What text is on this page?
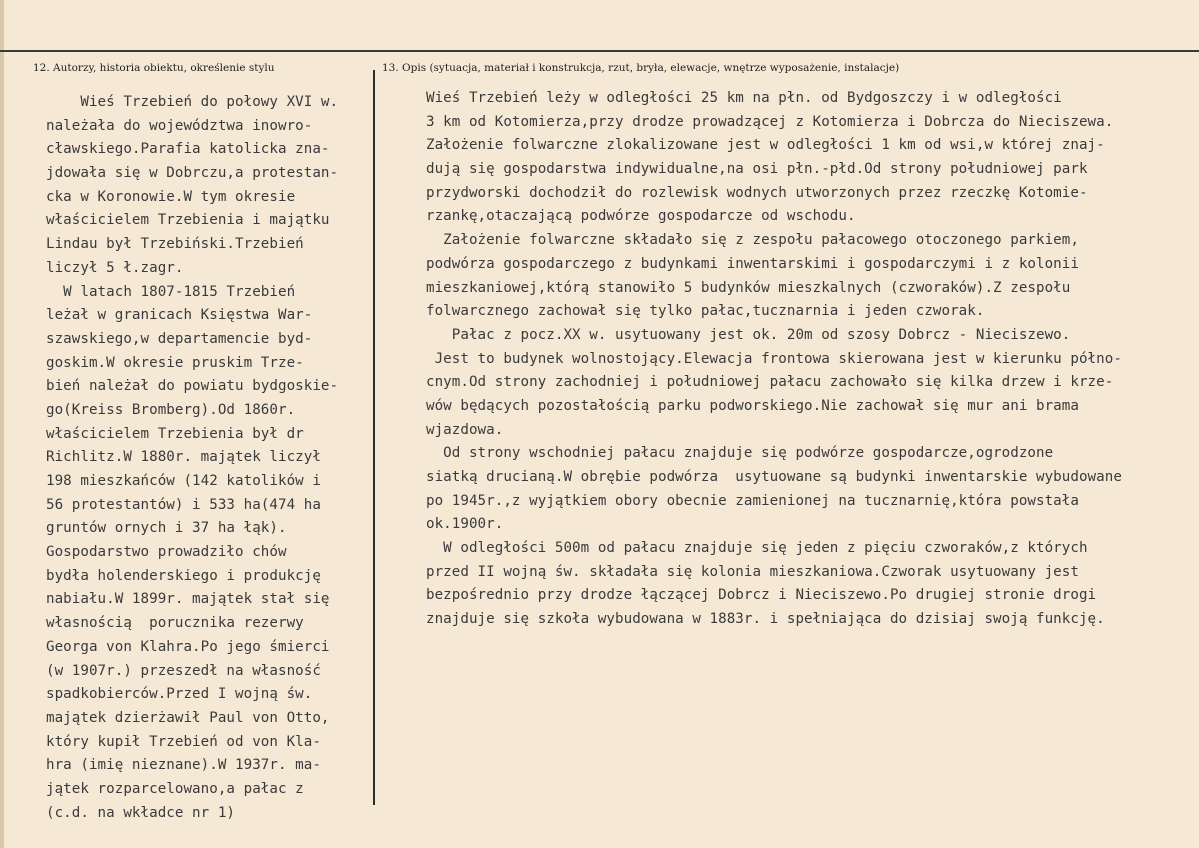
12. Autorzy, historia obiektu, określenie stylu	13. Opis (sytuacja, materiał i konstrukcja, rzut, bryła, elewacje, wnętrze wyposażenie, instalacje)
Wieś Trzebień do połowy XVI w.
należała do województwa inowro-
cławskiego.Parafia katolicka zna-
jdowała się w Dobrczu,a protestan-
cka w Koronowie.W tym okresie
właścicielem Trzebienia i majątku
Lindau był Trzebiński.Trzebień
liczył 5 ł.zagr.
W latach 1807-1815 Trzebień
leżał w granicach Księstwa War-
szawskiego,w departamencie byd-
goskim.W okresie pruskim Trze-
bień należał do powiatu bydgoskie-
go(Kreiss Bromberg).Od 1860r.
właścicielem Trzebienia był dr
Richlitz.W 1880r. majątek liczył
198 mieszkańców (142 katolików i
56 protestantów) i 533 ha(474 ha
gruntów ornych i 37 ha łąk).
Gospodarstwo prowadziło chów
bydła holenderskiego i produkcję
nabiału.W 1899r. majątek stał się
własnością  porucznika rezerwy
Georga von Klahra.Po jego śmierci
(w 1907r.) przeszedł na własność
spadkobierców.Przed I wojną św.
majątek dzierżawił Paul von Otto,
który kupił Trzebień od von Kla-
hra (imię nieznane).W 1937r. ma-
jątek rozparcelowano,a pałac z
(c.d. na wkładce nr 1)
Wieś Trzebień leży w odległości 25 km na płn. od Bydgoszczy i w odległości
3 km od Kotomierza,przy drodze prowadzącej z Kotomierza i Dobrcza do Nieciszewa.
Założenie folwarczne zlokalizowane jest w odległości 1 km od wsi,w której znaj-
dują się gospodarstwa indywidualne,na osi płn.-płd.Od strony południowej park
przydworski dochodził do rozlewisk wodnych utworzonych przez rzeczkę Kotomie-
rzankę,otaczającą podwórze gospodarcze od wschodu.
Założenie folwarczne składało się z zespołu pałacowego otoczonego parkiem,
podwórza gospodarczego z budynkami inwentarskimi i gospodarczymi i z kolonii
mieszkaniowej,którą stanowiło 5 budynków mieszkalnych (czworaków).Z zespołu
folwarcznego zachował się tylko pałac,tucznarnia i jeden czworak.
Pałac z pocz.XX w. usytuowany jest ok. 20m od szosy Dobrcz - Nieciszewo.
Jest to budynek wolnostojący.Elewacja frontowa skierowana jest w kierunku półno-
cnym.Od strony zachodniej i południowej pałacu zachowało się kilka drzew i krze-
wów będących pozostałością parku podworskiego.Nie zachował się mur ani brama
wjazdowa.
Od strony wschodniej pałacu znajduje się podwórze gospodarcze,ogrodzone
siatką drucianą.W obrębie podwórza  usytuowane są budynki inwentarskie wybudowane
po 1945r.,z wyjątkiem obory obecnie zamienionej na tucznarnię,która powstała
ok.1900r.
W odległości 500m od pałacu znajduje się jeden z pięciu czworaków,z których
przed II wojną św. składała się kolonia mieszkaniowa.Czworak usytuowany jest
bezpośrednio przy drodze łączącej Dobrcz i Nieciszewo.Po drugiej stronie drogi
znajduje się szkoła wybudowana w 1883r. i spełniająca do dzisiaj swoją funkcję.
